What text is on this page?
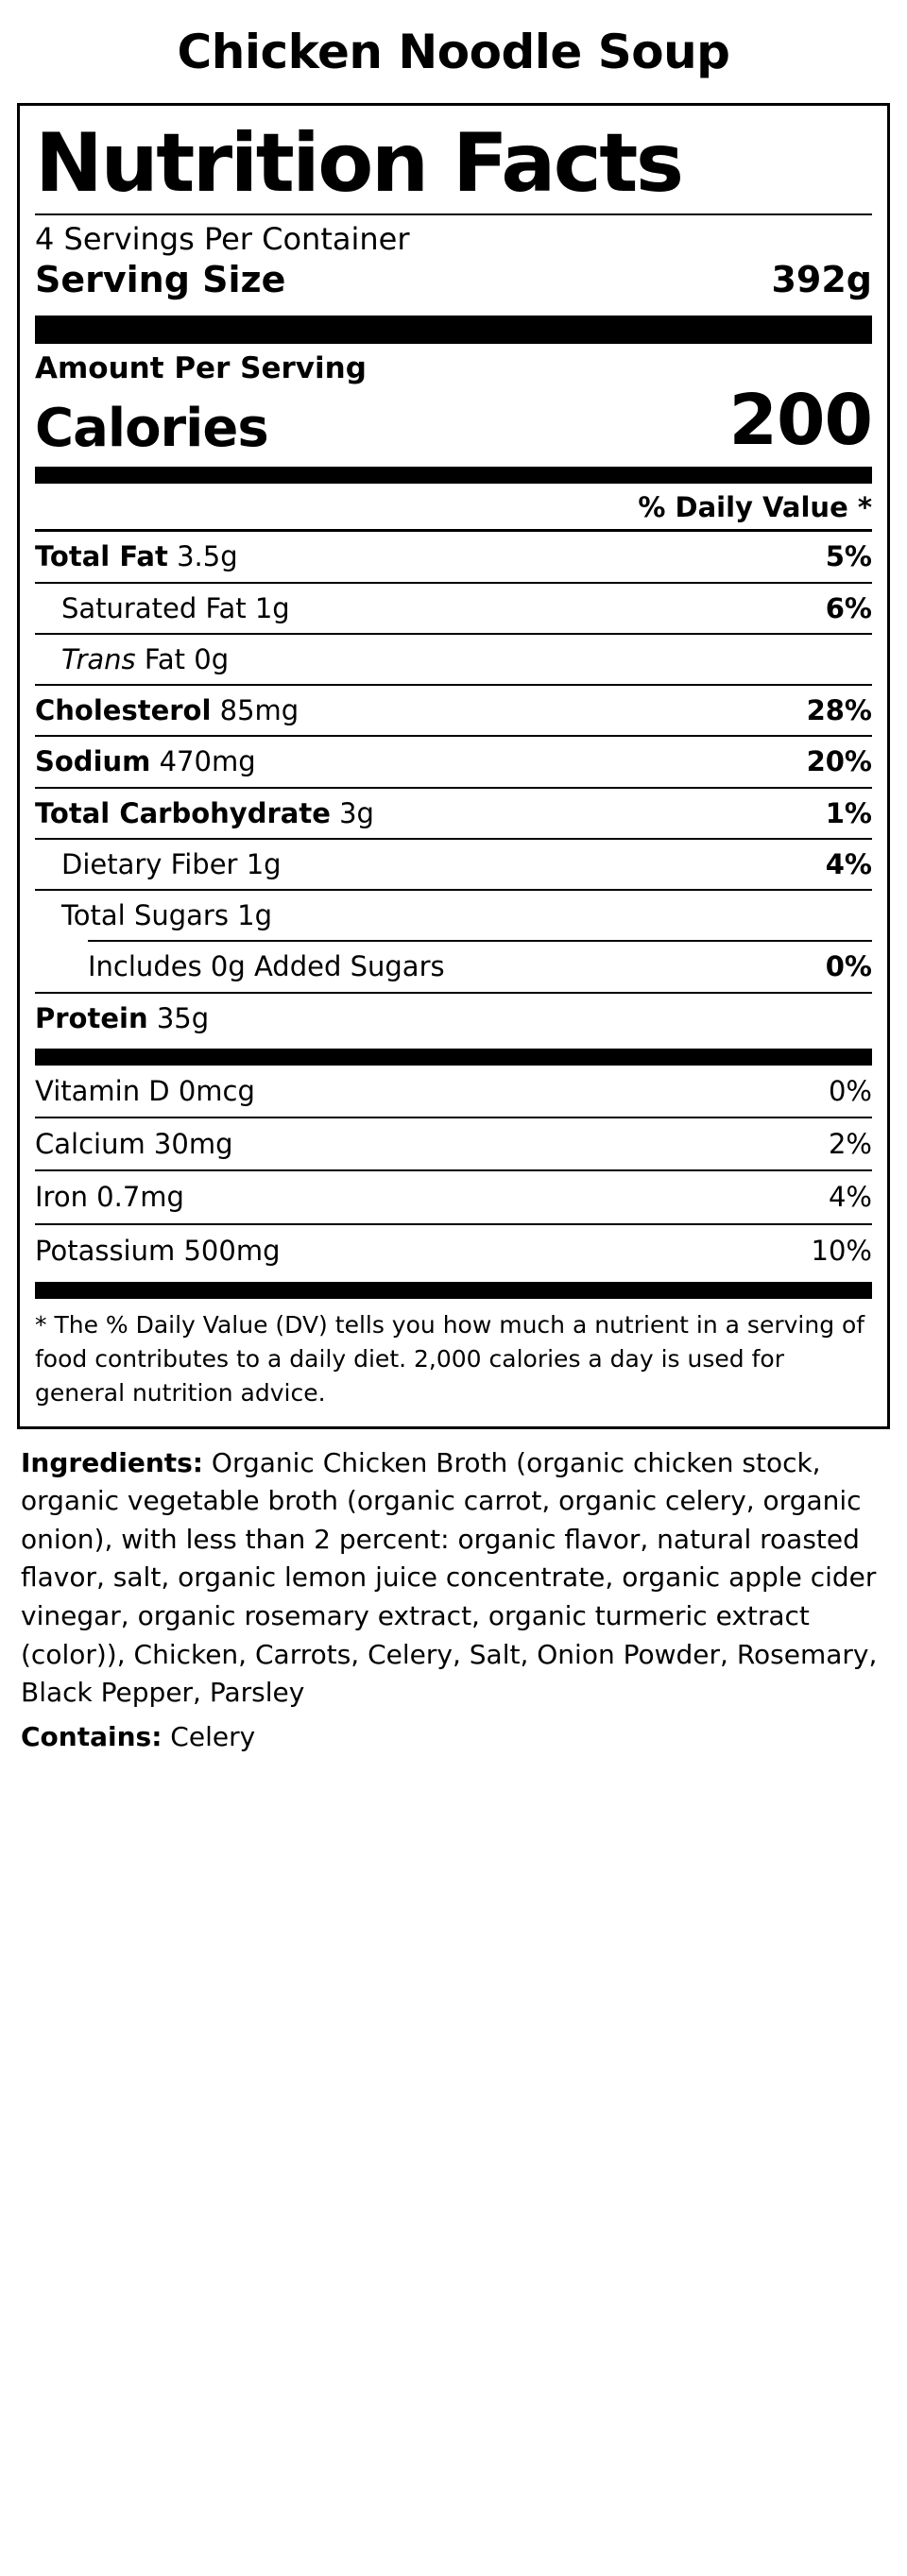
Chicken Noodle Soup
Nutrition Facts
4 Servings Per Container
Serving Size	392g
Amount Per Serving
Calories	200
% Daily Value *
Total Fat 3.5g	5%
Saturated Fat 1g	6%
Trans Fat 0g
Cholesterol 85mg	28%
Sodium 470mg	20%
Total Carbohydrate 3g	1%
Dietary Fiber 1g	4%
Total Sugars 1g
Includes 0g Added Sugars	0%
Protein 35g
Vitamin D 0mcg	0%
Calcium 30mg	2%
Iron 0.7mg	4%
Potassium 500mg	10%
* The % Daily Value (DV) tells you how much a nutrient in a serving of food contributes to a daily diet. 2,000 calories a day is used for general nutrition advice.
Ingredients: Organic Chicken Broth (organic chicken stock, organic vegetable broth (organic carrot, organic celery, organic onion), with less than 2 percent: organic flavor, natural roasted flavor, salt, organic lemon juice concentrate, organic apple cider vinegar, organic rosemary extract, organic turmeric extract (color)), Chicken, Carrots, Celery, Salt, Onion Powder, Rosemary, Black Pepper, Parsley
Contains: Celery
